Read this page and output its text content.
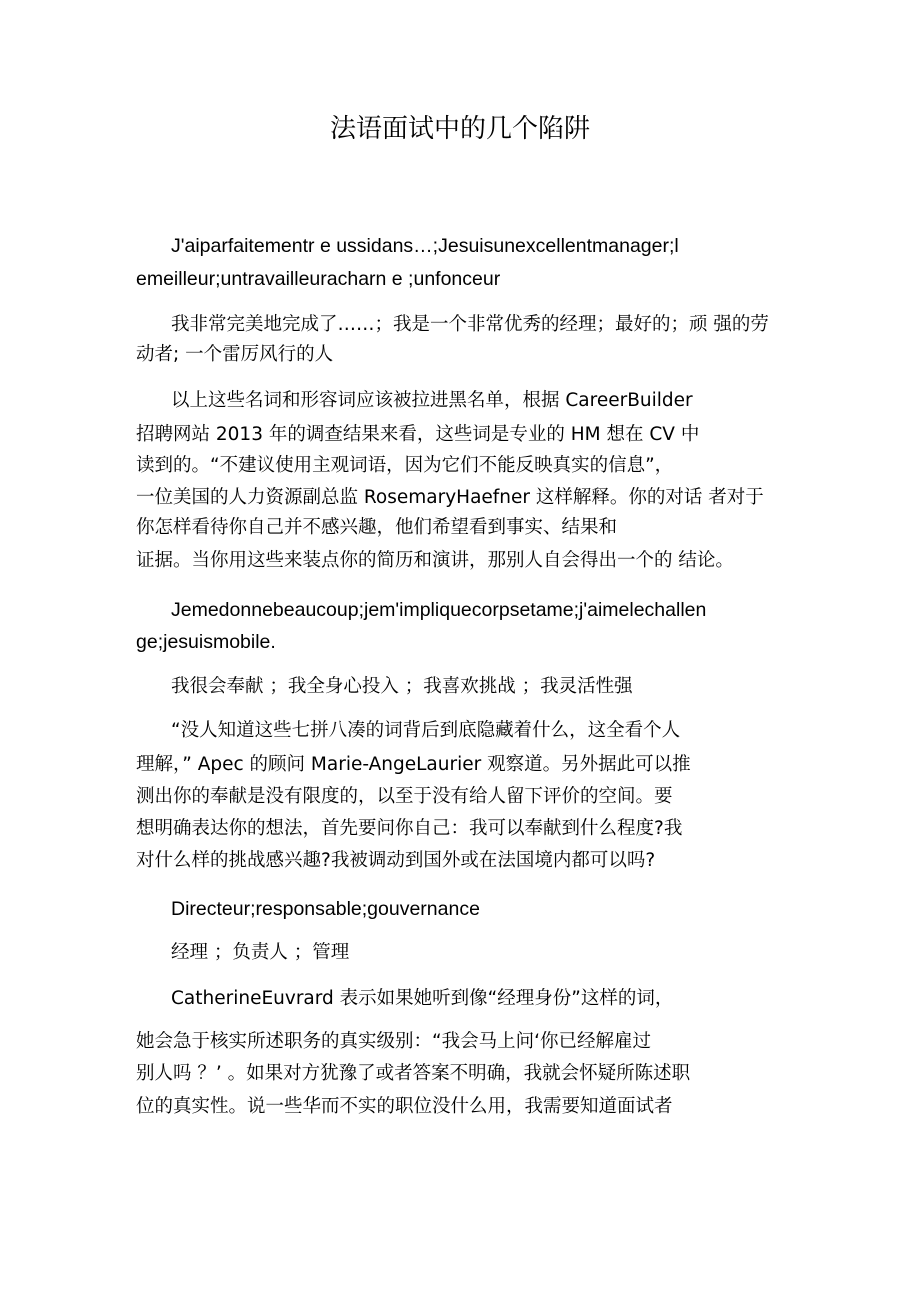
法语面试中的几个陷阱
J'aiparfaitementr e ussidans…;Jesuisunexcellentmanager;l
emeilleur;untravailleuracharn e ;unfonceur
我非常完美地完成了……；我是一个非常优秀的经理；最好的；顽 强的劳
动者; 一个雷厉风行的人
以上这些名词和形容词应该被拉进黑名单，根据 CareerBuilder
招聘网站 2013 年的调查结果来看，这些词是专业的 HM 想在 CV 中
读到的。“不建议使用主观词语，因为它们不能反映真实的信息”，
一位美国的人力资源副总监 RosemaryHaefner 这样解释。你的对话 者对于
你怎样看待你自己并不感兴趣，他们希望看到事实、结果和
证据。当你用这些来装点你的简历和演讲，那别人自会得出一个的 结论。
Jemedonnebeaucoup;jem'impliquecorpsetame;j'aimelechallen
ge;jesuismobile.
我很会奉献 ；我全身心投入 ；我喜欢挑战 ；我灵活性强
“没人知道这些七拼八凑的词背后到底隐藏着什么，这全看个人
理解，” Apec 的顾问 Marie-AngeLaurier 观察道。另外据此可以推
测出你的奉献是没有限度的，以至于没有给人留下评价的空间。要
想明确表达你的想法，首先要问你自己：我可以奉献到什么程度?我
对什么样的挑战感兴趣?我被调动到国外或在法国境内都可以吗?
Directeur;responsable;gouvernance
经理 ；负责人 ；管理
CatherineEuvrard 表示如果她听到像“经理身份”这样的词，
她会急于核实所述职务的真实级别：“我会马上问‘你已经解雇过
别人吗 ？’ 。如果对方犹豫了或者答案不明确，我就会怀疑所陈述职
位的真实性。说一些华而不实的职位没什么用，我需要知道面试者
